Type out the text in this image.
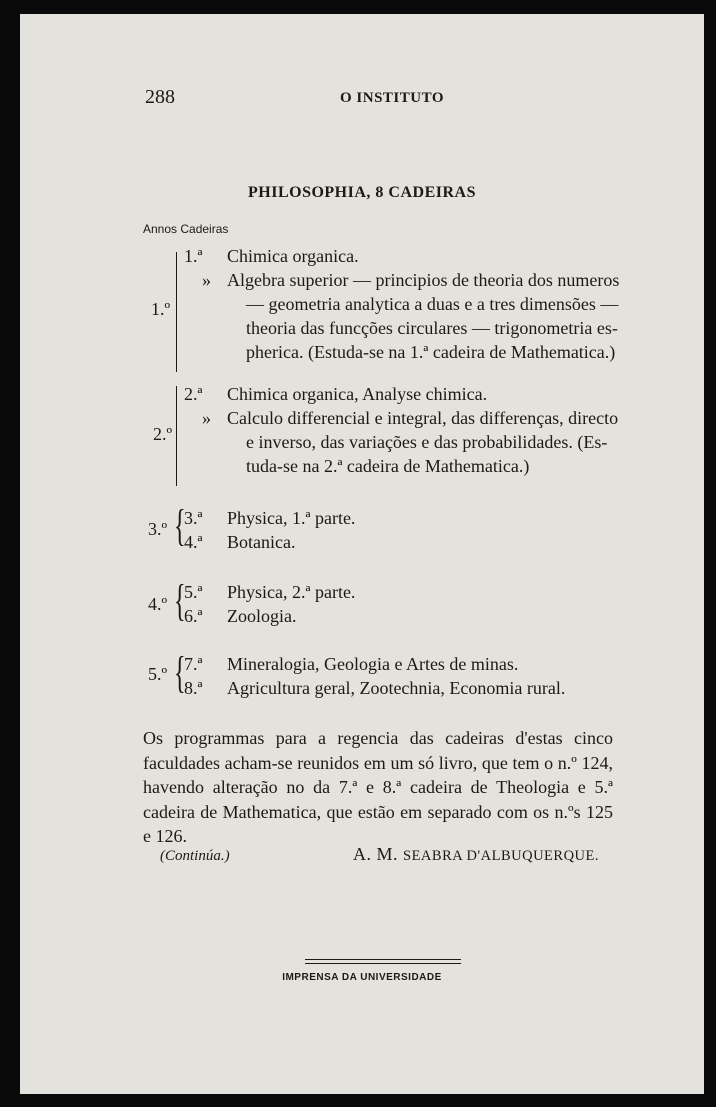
288	O INSTITUTO
PHILOSOPHIA, 8 CADEIRAS
Annos Cadeiras
1.º
1.ª Chimica organica.
» Algebra superior — principios de theoria dos numeros
— geometria analytica a duas e a tres dimensões —
theoria das funcções circulares — trigonometria es-
pherica. (Estuda-se na 1.ª cadeira de Mathematica.)
2.º
2.ª Chimica organica, Analyse chimica.
» Calculo differencial e integral, das differenças, directo
e inverso, das variações e das probabilidades. (Es-
tuda-se na 2.ª cadeira de Mathematica.)
3.º {
3.ª Physica, 1.ª parte.
4.ª Botanica.
4.º {
5.ª Physica, 2.ª parte.
6.ª Zoologia.
5.º {
7.ª Mineralogia, Geologia e Artes de minas.
8.ª Agricultura geral, Zootechnia, Economia rural.
Os programmas para a regencia das cadeiras d'estas cinco faculdades acham-se reunidos em um só livro, que tem o n.º 124, havendo alteração no da 7.ª e 8.ª cadeira de Theologia e 5.ª cadeira de Mathematica, que estão em separado com os n.ºs 125 e 126.
(Continúa.)	A. M. SEABRA D'ALBUQUERQUE.
IMPRENSA DA UNIVERSIDADE
